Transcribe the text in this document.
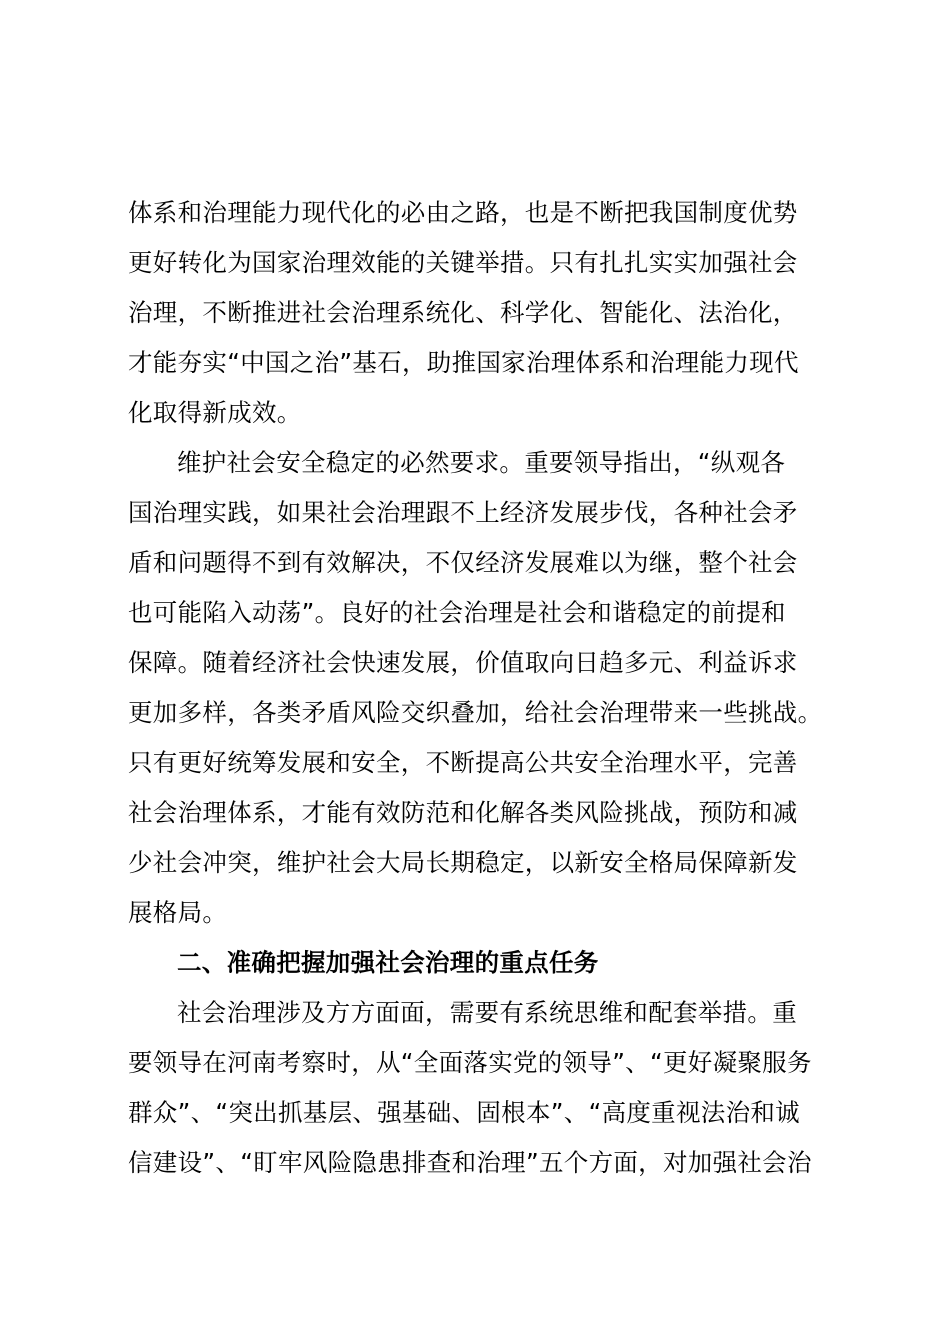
体系和治理能力现代化的必由之路，也是不断把我国制度优势
更好转化为国家治理效能的关键举措。只有扎扎实实加强社会
治理，不断推进社会治理系统化、科学化、智能化、法治化，
才能夯实“中国之治”基石，助推国家治理体系和治理能力现代
化取得新成效。
维护社会安全稳定的必然要求。重要领导指出，“纵观各
国治理实践，如果社会治理跟不上经济发展步伐，各种社会矛
盾和问题得不到有效解决，不仅经济发展难以为继，整个社会
也可能陷入动荡”。良好的社会治理是社会和谐稳定的前提和
保障。随着经济社会快速发展，价值取向日趋多元、利益诉求
更加多样，各类矛盾风险交织叠加，给社会治理带来一些挑战。
只有更好统筹发展和安全，不断提高公共安全治理水平，完善
社会治理体系，才能有效防范和化解各类风险挑战，预防和减
少社会冲突，维护社会大局长期稳定，以新安全格局保障新发
展格局。
二、准确把握加强社会治理的重点任务
社会治理涉及方方面面，需要有系统思维和配套举措。重
要领导在河南考察时，从“全面落实党的领导”、“更好凝聚服务
群众”、“突出抓基层、强基础、固根本”、“高度重视法治和诚
信建设”、“盯牢风险隐患排查和治理”五个方面，对加强社会治
